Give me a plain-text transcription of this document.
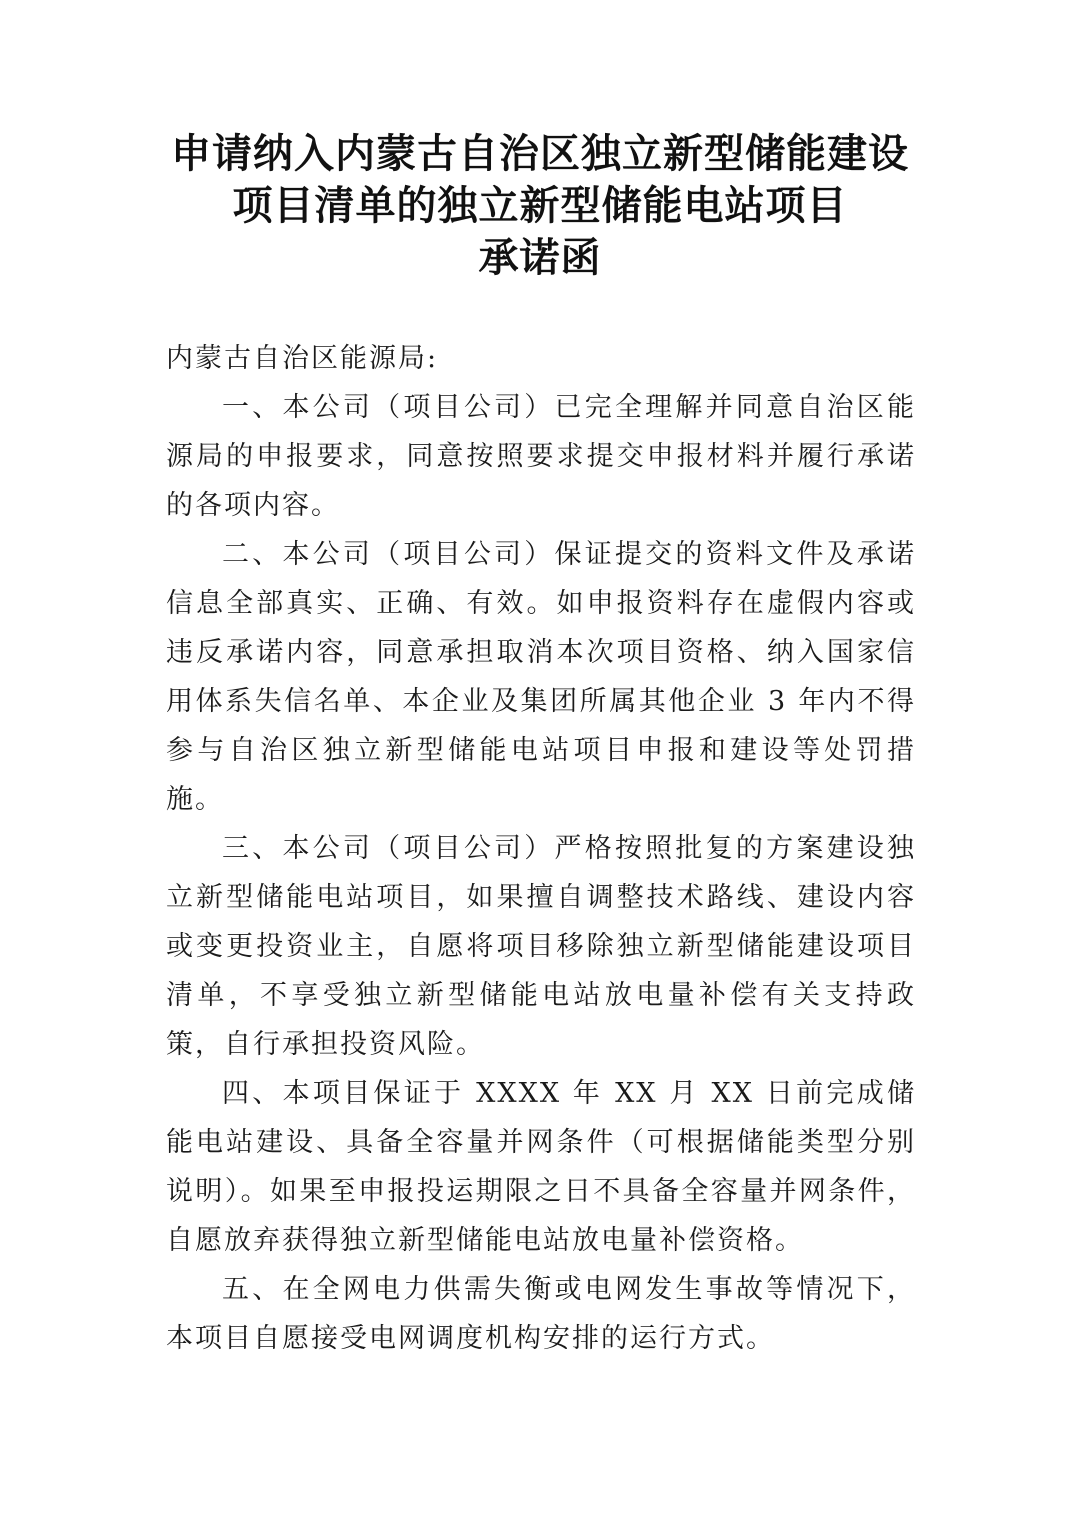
申请纳入内蒙古自治区独立新型储能建设
项目清单的独立新型储能电站项目
承诺函
内蒙古自治区能源局:

一、本公司（项目公司）已完全理解并同意自治区能源局的申报要求，同意按照要求提交申报材料并履行承诺的各项内容。

二、本公司（项目公司）保证提交的资料文件及承诺信息全部真实、正确、有效。如申报资料存在虚假内容或违反承诺内容，同意承担取消本次项目资格、纳入国家信用体系失信名单、本企业及集团所属其他企业 3 年内不得参与自治区独立新型储能电站项目申报和建设等处罚措施。

三、本公司（项目公司）严格按照批复的方案建设独立新型储能电站项目，如果擅自调整技术路线、建设内容或变更投资业主，自愿将项目移除独立新型储能建设项目清单，不享受独立新型储能电站放电量补偿有关支持政策，自行承担投资风险。

四、本项目保证于 XXXX 年 XX 月 XX 日前完成储能电站建设、具备全容量并网条件（可根据储能类型分别说明）。如果至申报投运期限之日不具备全容量并网条件，自愿放弃获得独立新型储能电站放电量补偿资格。

五、在全网电力供需失衡或电网发生事故等情况下，本项目自愿接受电网调度机构安排的运行方式。
